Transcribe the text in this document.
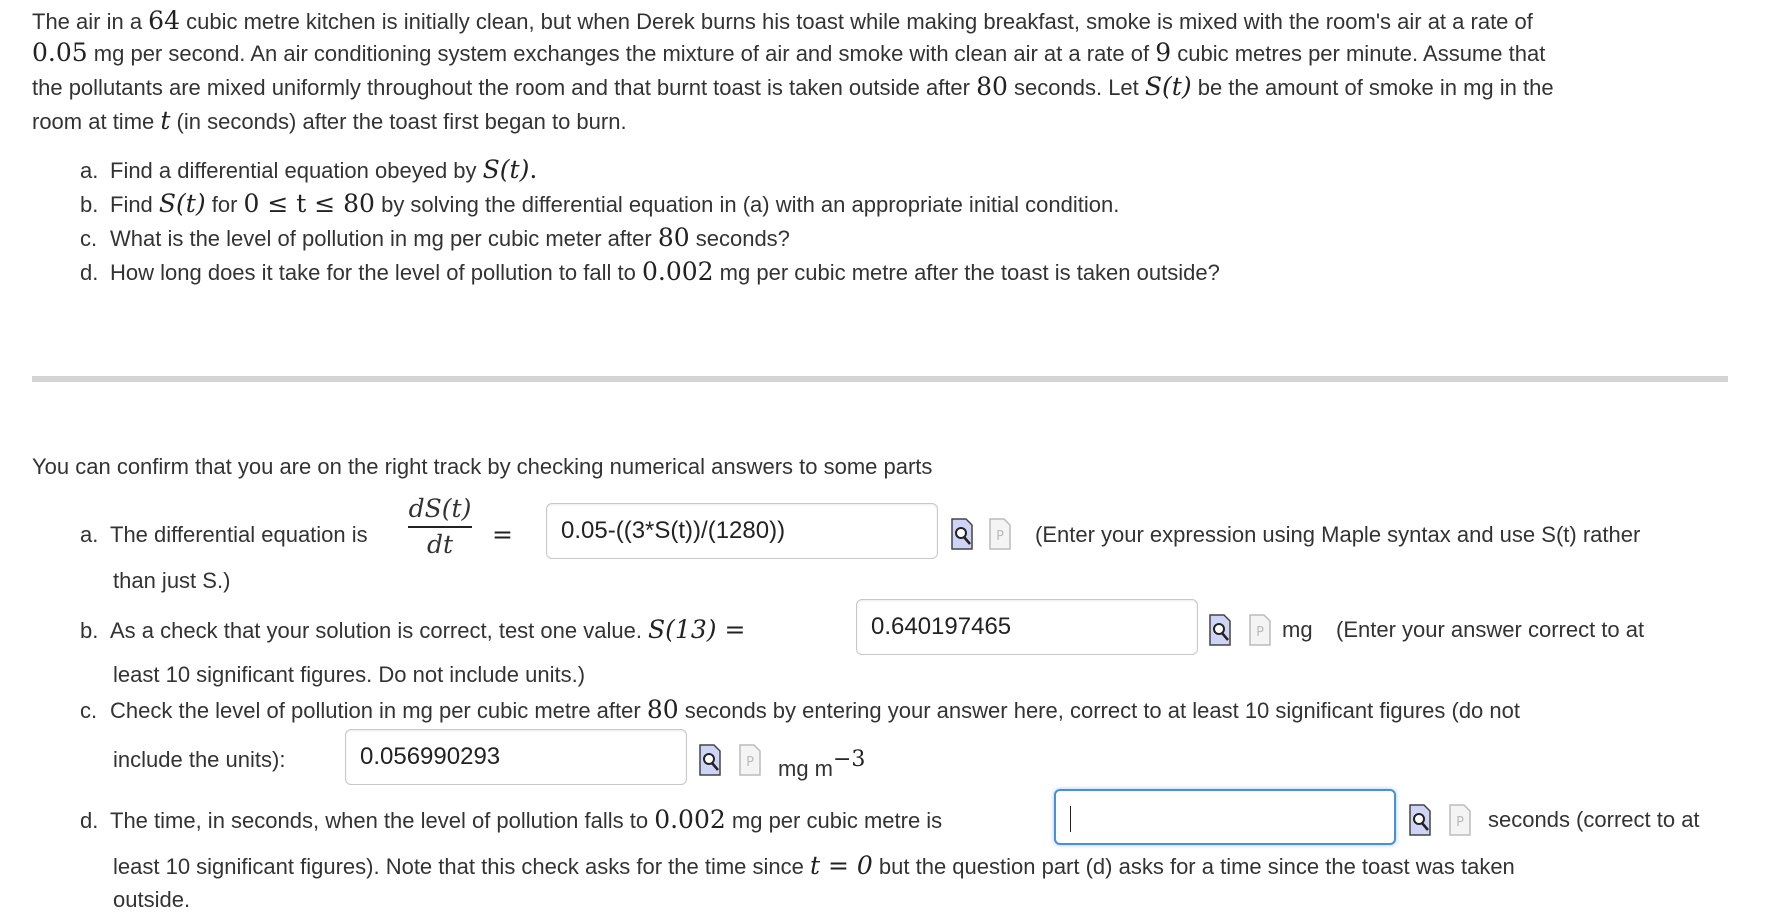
The air in a 64 cubic metre kitchen is initially clean, but when Derek burns his toast while making breakfast, smoke is mixed with the room's air at a rate of
0.05 mg per second. An air conditioning system exchanges the mixture of air and smoke with clean air at a rate of 9 cubic metres per minute. Assume that
the pollutants are mixed uniformly throughout the room and that burnt toast is taken outside after 80 seconds. Let S(t) be the amount of smoke in mg in the
room at time t (in seconds) after the toast first began to burn.
a. Find a differential equation obeyed by S(t).
b. Find S(t) for 0 ≤ t ≤ 80 by solving the differential equation in (a) with an appropriate initial condition.
c. What is the level of pollution in mg per cubic meter after 80 seconds?
d. How long does it take for the level of pollution to fall to 0.002 mg per cubic metre after the toast is taken outside?
You can confirm that you are on the right track by checking numerical answers to some parts
a. The differential equation is
dS(t)
dt	=
0.05-((3*S(t))/(1280))	P (Enter your expression using Maple syntax and use S(t) rather
than just S.)
b. As a check that your solution is correct, test one value. S(13) =
0.640197465	P mg (Enter your answer correct to at
least 10 significant figures. Do not include units.)
c. Check the level of pollution in mg per cubic metre after 80 seconds by entering your answer here, correct to at least 10 significant figures (do not
include the units):
0.056990293	P mg $m^{-3}$
d. The time, in seconds, when the level of pollution falls to 0.002 mg per cubic metre is	P seconds (correct to at
least 10 significant figures). Note that this check asks for the time since t = 0 but the question part (d) asks for a time since the toast was taken
outside.
